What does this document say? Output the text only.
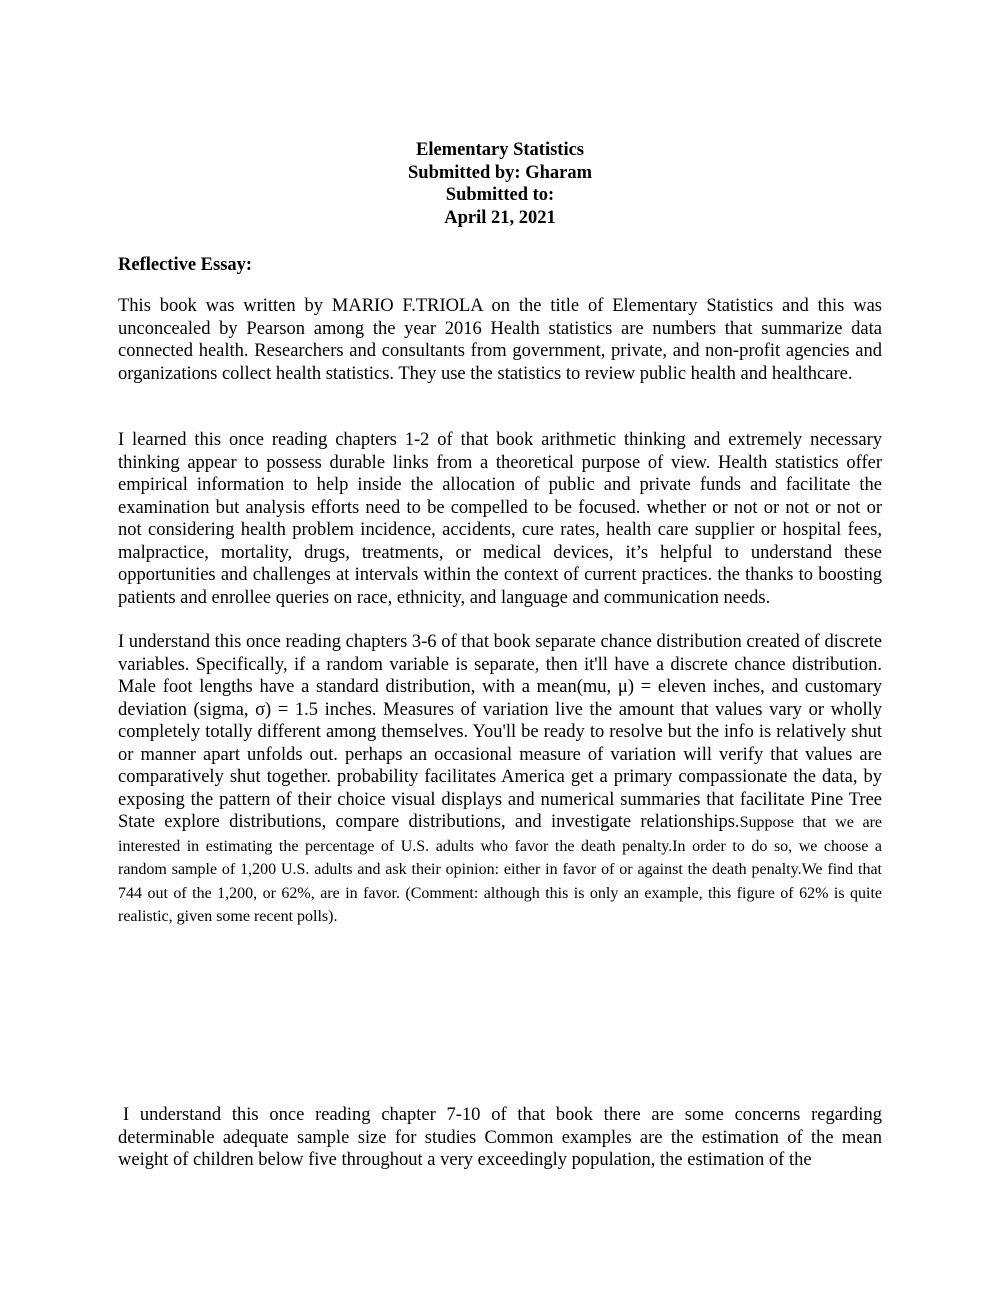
Elementary Statistics
Submitted by: Gharam
Submitted to:
April 21, 2021
Reflective Essay:

This book was written by MARIO F.TRIOLA on the title of Elementary Statistics and this was unconcealed by Pearson among the year 2016 Health statistics are numbers that summarize data connected health. Researchers and consultants from government, private, and non-profit agencies and organizations collect health statistics. They use the statistics to review public health and healthcare.

I learned this once reading chapters 1-2 of that book arithmetic thinking and extremely necessary thinking appear to possess durable links from a theoretical purpose of view. Health statistics offer empirical information to help inside the allocation of public and private funds and facilitate the examination but analysis efforts need to be compelled to be focused. whether or not or not or not or not considering health problem incidence, accidents, cure rates, health care supplier or hospital fees, malpractice, mortality, drugs, treatments, or medical devices, it’s helpful to understand these opportunities and challenges at intervals within the context of current practices. the thanks to boosting patients and enrollee queries on race, ethnicity, and language and communication needs.

I understand this once reading chapters 3-6 of that book separate chance distribution created of discrete variables. Specifically, if a random variable is separate, then it'll have a discrete chance distribution. Male foot lengths have a standard distribution, with a mean(mu, μ) = eleven inches, and customary deviation (sigma, σ) = 1.5 inches. Measures of variation live the amount that values vary or wholly completely totally different among themselves. You'll be ready to resolve but the info is relatively shut or manner apart unfolds out. perhaps an occasional measure of variation will verify that values are comparatively shut together. probability facilitates America get a primary compassionate the data, by exposing the pattern of their choice visual displays and numerical summaries that facilitate Pine Tree State explore distributions, compare distributions, and investigate relationships.Suppose that we are interested in estimating the percentage of U.S. adults who favor the death penalty.In order to do so, we choose a random sample of 1,200 U.S. adults and ask their opinion: either in favor of or against the death penalty.We find that 744 out of the 1,200, or 62%, are in favor. (Comment: although this is only an example, this figure of 62% is quite realistic, given some recent polls).

I understand this once reading chapter 7-10 of that book there are some concerns regarding determinable adequate sample size for studies Common examples are the estimation of the mean weight of children below five throughout a very exceedingly population, the estimation of the
